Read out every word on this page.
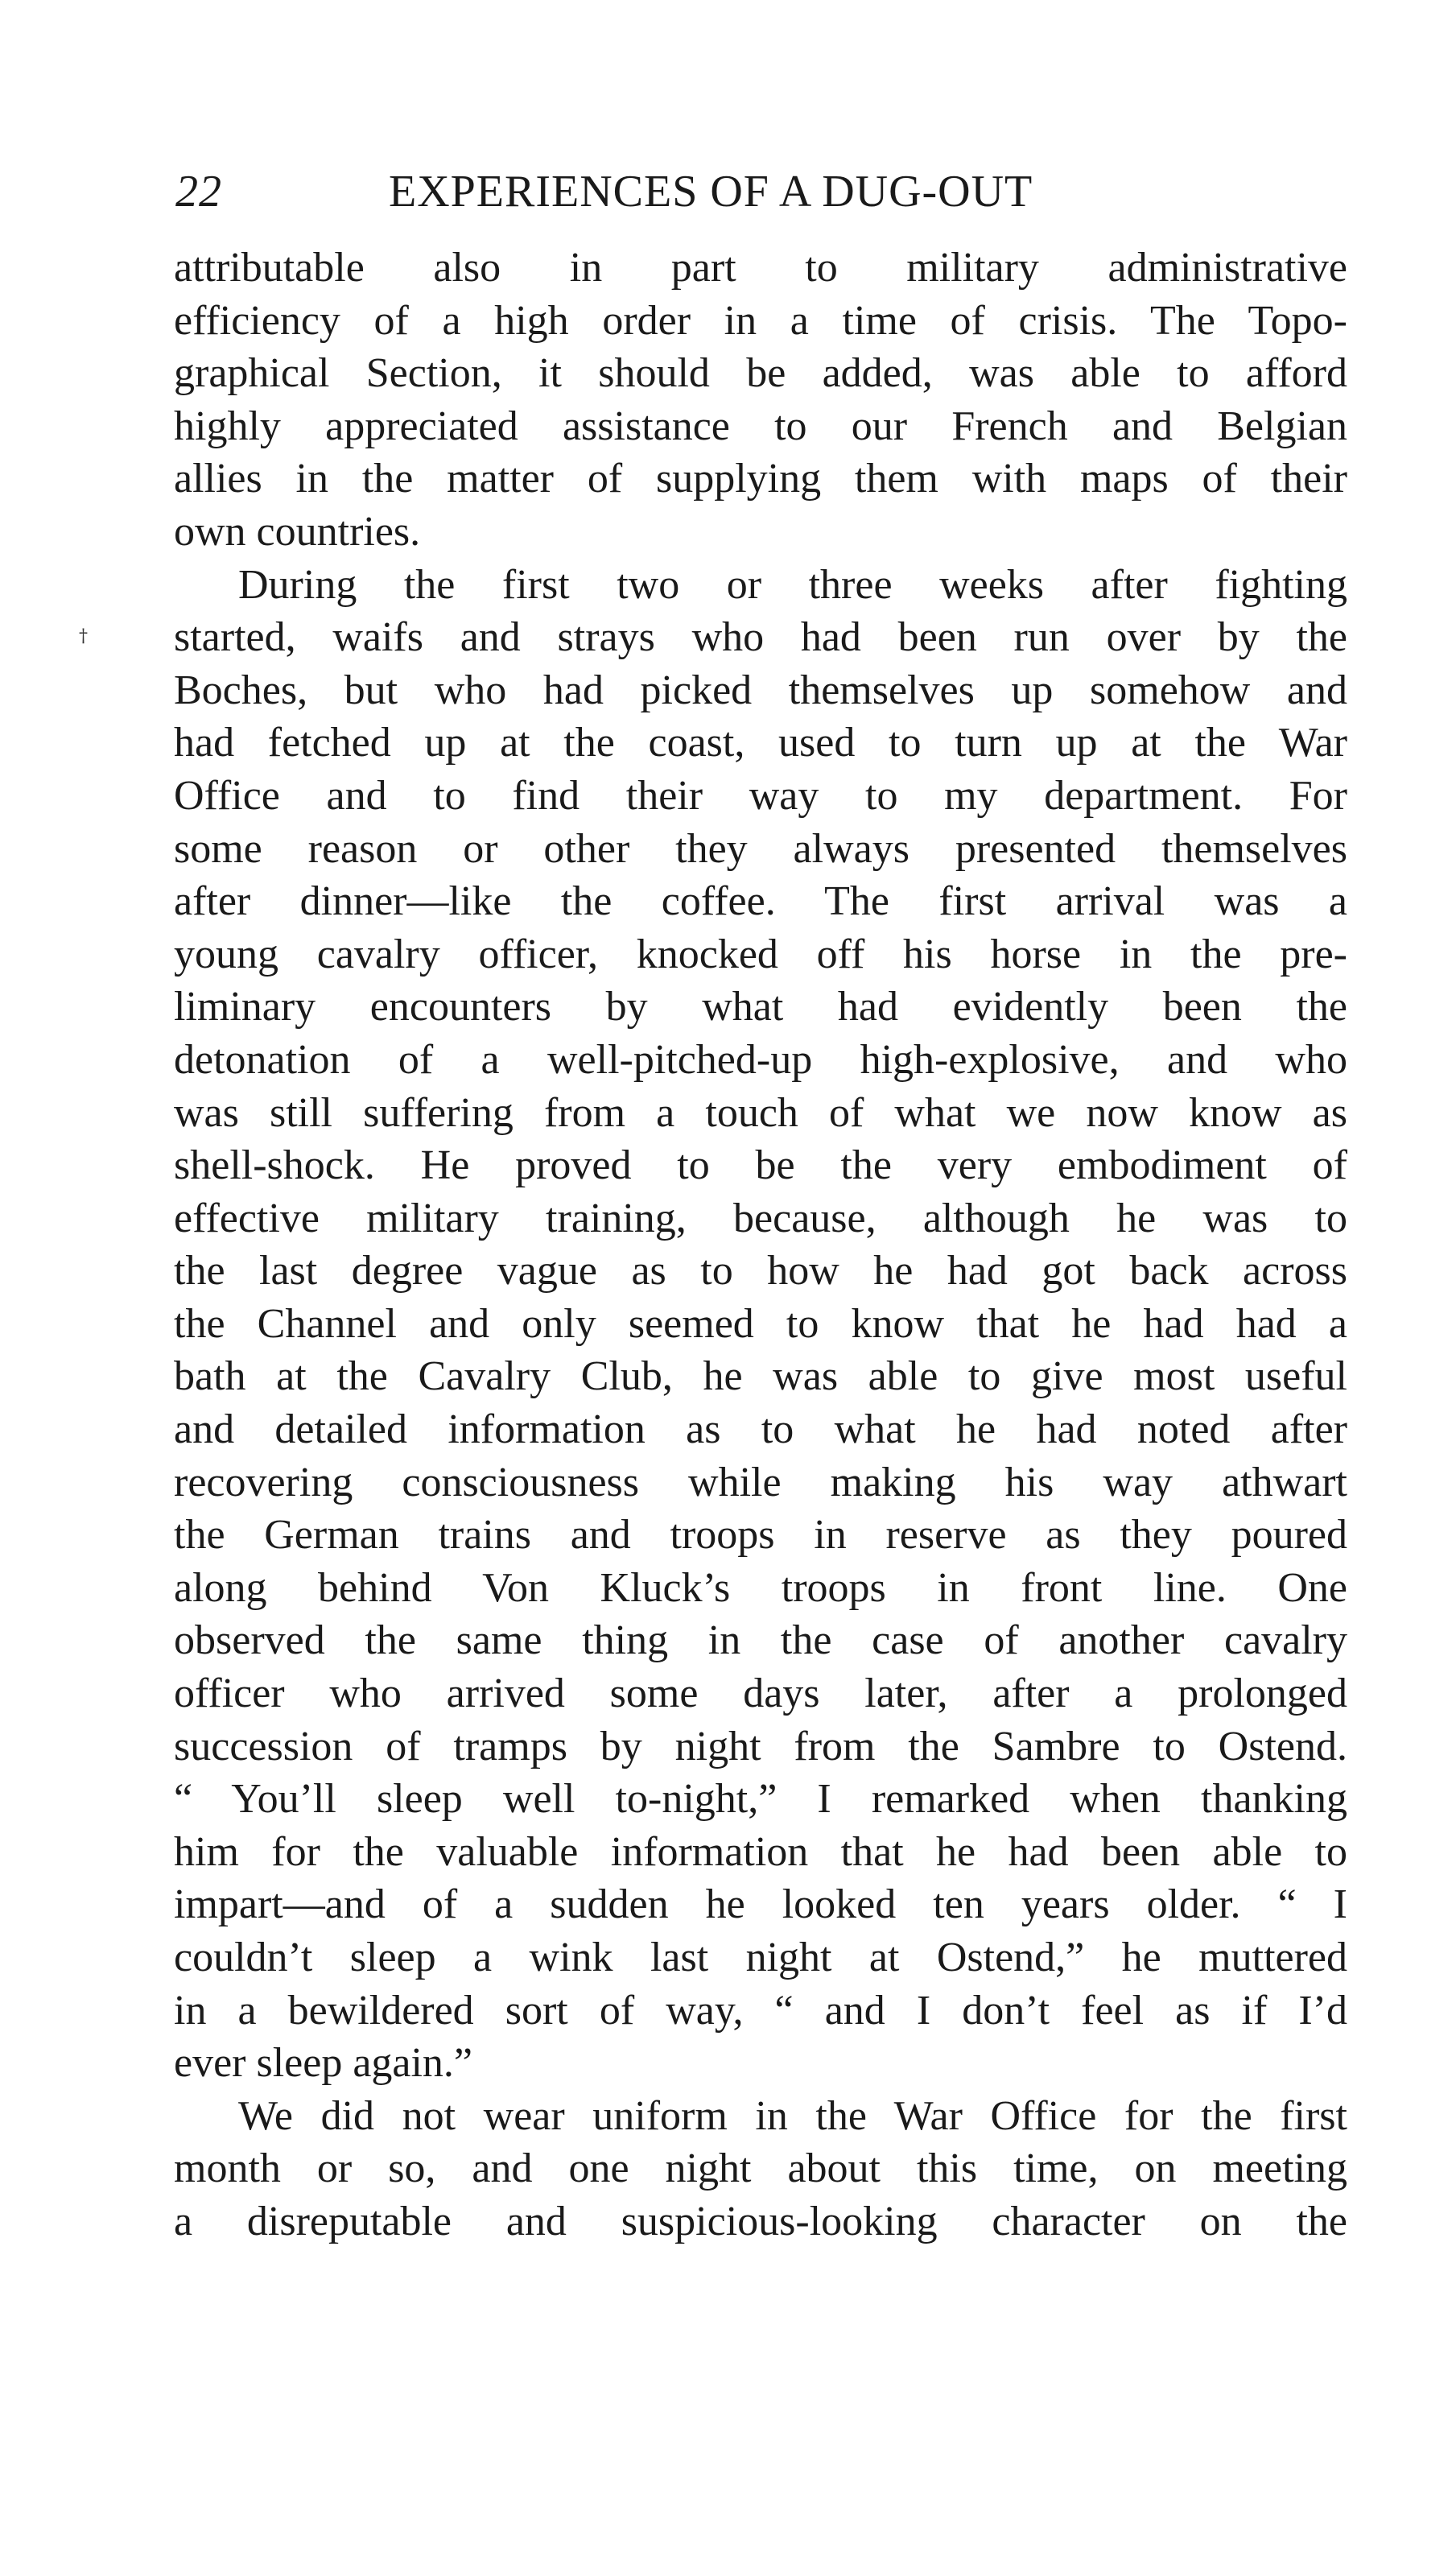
22	EXPERIENCES OF A DUG-OUT
†
attributable also in part to military administrative
efficiency of a high order in a time of crisis. The Topo-
graphical Section, it should be added, was able to afford
highly appreciated assistance to our French and Belgian
allies in the matter of supplying them with maps of their
own countries.
During the first two or three weeks after fighting
started, waifs and strays who had been run over by the
Boches, but who had picked themselves up somehow and
had fetched up at the coast, used to turn up at the War
Office and to find their way to my department. For
some reason or other they always presented themselves
after dinner—like the coffee. The first arrival was a
young cavalry officer, knocked off his horse in the pre-
liminary encounters by what had evidently been the
detonation of a well-pitched-up high-explosive, and who
was still suffering from a touch of what we now know as
shell-shock. He proved to be the very embodiment of
effective military training, because, although he was to
the last degree vague as to how he had got back across
the Channel and only seemed to know that he had had a
bath at the Cavalry Club, he was able to give most useful
and detailed information as to what he had noted after
recovering consciousness while making his way athwart
the German trains and troops in reserve as they poured
along behind Von Kluck’s troops in front line. One
observed the same thing in the case of another cavalry
officer who arrived some days later, after a prolonged
succession of tramps by night from the Sambre to Ostend.
“ You’ll sleep well to-night,” I remarked when thanking
him for the valuable information that he had been able to
impart—and of a sudden he looked ten years older. “ I
couldn’t sleep a wink last night at Ostend,” he muttered
in a bewildered sort of way, “ and I don’t feel as if I’d
ever sleep again.”
We did not wear uniform in the War Office for the first
month or so, and one night about this time, on meeting
a disreputable and suspicious-looking character on the
